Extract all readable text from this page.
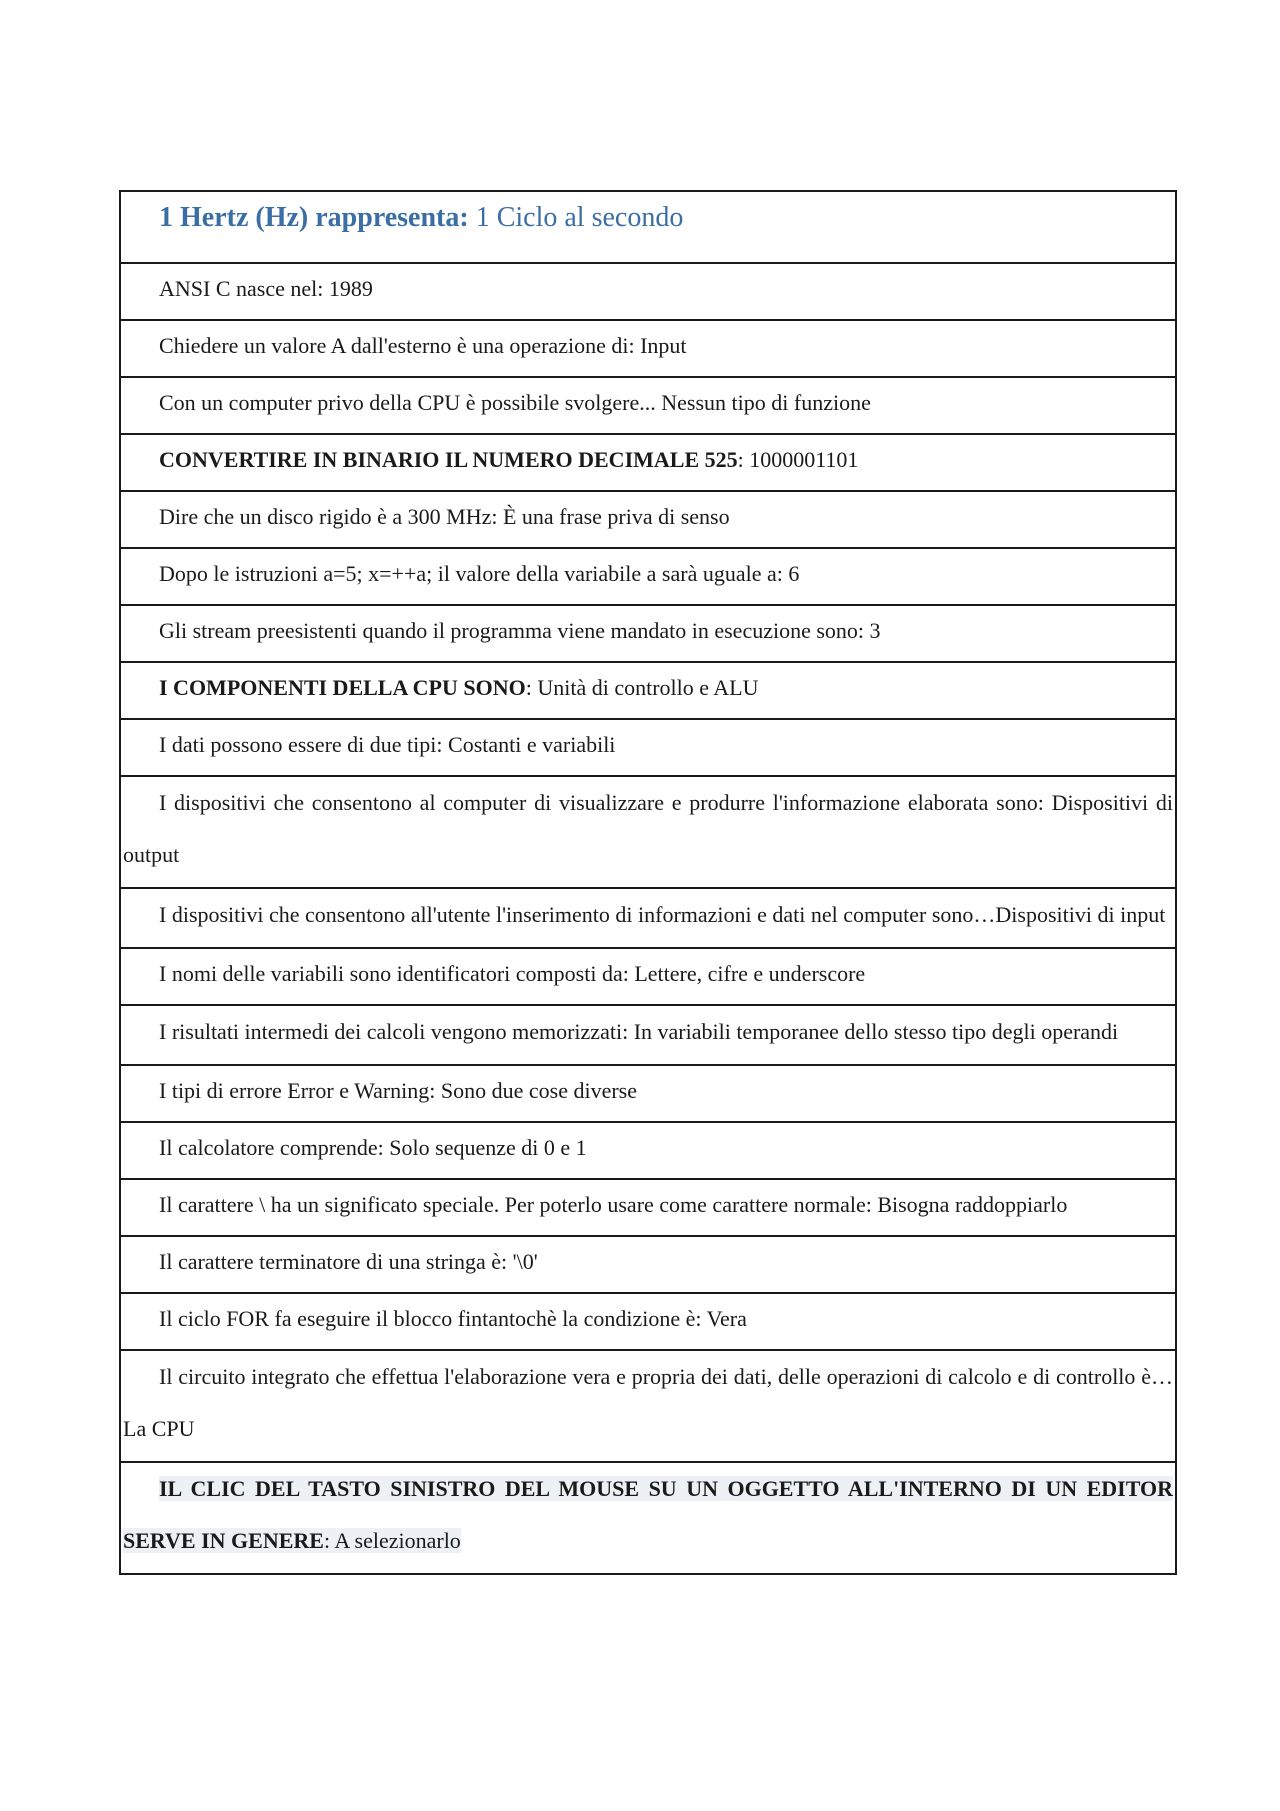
1 Hertz (Hz) rappresenta: 1 Ciclo al secondo
ANSI C nasce nel: 1989
Chiedere un valore A dall'esterno è una operazione di: Input
Con un computer privo della CPU è possibile svolgere... Nessun tipo di funzione
CONVERTIRE IN BINARIO IL NUMERO DECIMALE 525: 1000001101
Dire che un disco rigido è a 300 MHz: È una frase priva di senso
Dopo le istruzioni a=5; x=++a; il valore della variabile a sarà uguale a: 6
Gli stream preesistenti quando il programma viene mandato in esecuzione sono: 3
I COMPONENTI DELLA CPU SONO: Unità di controllo e ALU
I dati possono essere di due tipi: Costanti e variabili
I dispositivi che consentono al computer di visualizzare e produrre l'informazione elaborata sono: Dispositivi di output
I dispositivi che consentono all'utente l'inserimento di informazioni e dati nel computer sono…Dispositivi di input
I nomi delle variabili sono identificatori composti da: Lettere, cifre e underscore
I risultati intermedi dei calcoli vengono memorizzati: In variabili temporanee dello stesso tipo degli operandi
I tipi di errore Error e Warning: Sono due cose diverse
Il calcolatore comprende: Solo sequenze di 0 e 1
Il carattere \ ha un significato speciale. Per poterlo usare come carattere normale: Bisogna raddoppiarlo
Il carattere terminatore di una stringa è: '\0'
Il ciclo FOR fa eseguire il blocco fintantochè la condizione è: Vera
Il circuito integrato che effettua l'elaborazione vera e propria dei dati, delle operazioni di calcolo e di controllo è… La CPU
IL CLIC DEL TASTO SINISTRO DEL MOUSE SU UN OGGETTO ALL'INTERNO DI UN EDITOR SERVE IN GENERE: A selezionarlo
